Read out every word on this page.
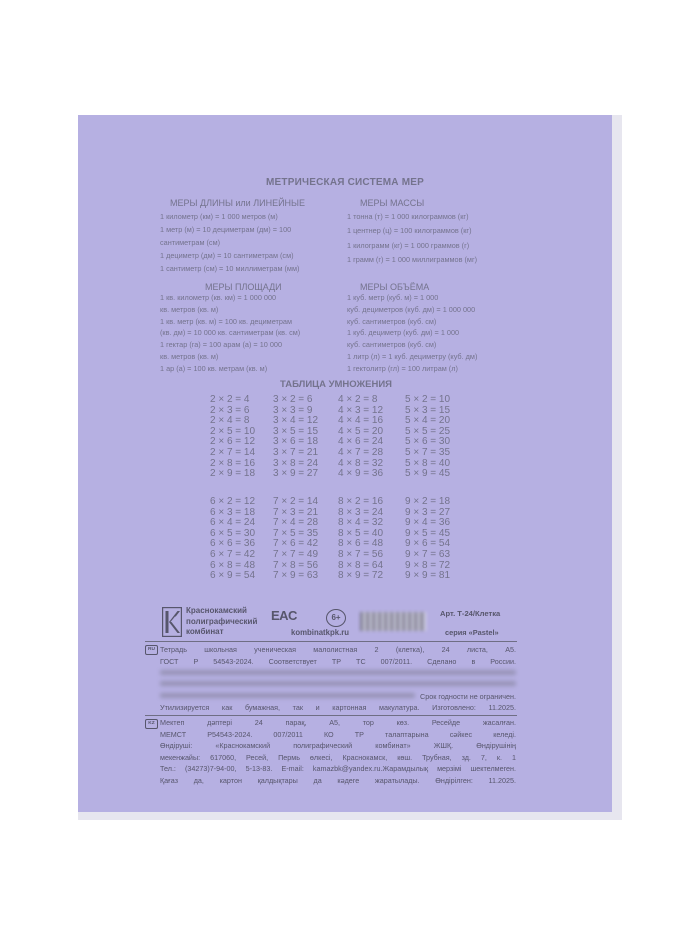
МЕТРИЧЕСКАЯ СИСТЕМА МЕР
МЕРЫ ДЛИНЫ или ЛИНЕЙНЫЕ
1 километр (км) = 1 000 метров (м)
1 метр (м) = 10 дециметрам (дм) = 100
сантиметрам (см)
1 дециметр (дм) = 10 сантиметрам (см)
1 сантиметр (см) = 10 миллиметрам (мм)
МЕРЫ МАССЫ
1 тонна (т) = 1 000 килограммов (кг)
1 центнер (ц) = 100 килограммов (кг)
1 килограмм (кг) = 1 000 граммов (г)
1 грамм (г) = 1 000 миллиграммов (мг)
МЕРЫ ПЛОЩАДИ
1 кв. километр (кв. км) = 1 000 000
кв. метров (кв. м)
1 кв. метр (кв. м) = 100 кв. дециметрам
(кв. дм) = 10 000 кв. сантиметрам (кв. см)
1 гектар (га) = 100 арам (а) = 10 000
кв. метров (кв. м)
1 ар (а) = 100 кв. метрам (кв. м)
МЕРЫ ОБЪЁМА
1 куб. метр (куб. м) = 1 000
куб. дециметров (куб. дм) = 1 000 000
куб. сантиметров (куб. см)
1 куб. дециметр (куб. дм) = 1 000
куб. сантиметров (куб. см)
1 литр (л) = 1 куб. дециметру (куб. дм)
1 гектолитр (гл) = 100 литрам (л)
ТАБЛИЦА УМНОЖЕНИЯ
2 × 2 = 4
2 × 3 = 6
2 × 4 = 8
2 × 5 = 10
2 × 6 = 12
2 × 7 = 14
2 × 8 = 16
2 × 9 = 18
3 × 2 = 6
3 × 3 = 9
3 × 4 = 12
3 × 5 = 15
3 × 6 = 18
3 × 7 = 21
3 × 8 = 24
3 × 9 = 27
4 × 2 = 8
4 × 3 = 12
4 × 4 = 16
4 × 5 = 20
4 × 6 = 24
4 × 7 = 28
4 × 8 = 32
4 × 9 = 36
5 × 2 = 10
5 × 3 = 15
5 × 4 = 20
5 × 5 = 25
5 × 6 = 30
5 × 7 = 35
5 × 8 = 40
5 × 9 = 45
6 × 2 = 12
6 × 3 = 18
6 × 4 = 24
6 × 5 = 30
6 × 6 = 36
6 × 7 = 42
6 × 8 = 48
6 × 9 = 54
7 × 2 = 14
7 × 3 = 21
7 × 4 = 28
7 × 5 = 35
7 × 6 = 42
7 × 7 = 49
7 × 8 = 56
7 × 9 = 63
8 × 2 = 16
8 × 3 = 24
8 × 4 = 32
8 × 5 = 40
8 × 6 = 48
8 × 7 = 56
8 × 8 = 64
8 × 9 = 72
9 × 2 = 18
9 × 3 = 27
9 × 4 = 36
9 × 5 = 45
9 × 6 = 54
9 × 7 = 63
9 × 8 = 72
9 × 9 = 81
Краснокамский
полиграфический
комбинат
EAC	6+
kombinatkpk.ru
Арт. Т-24/Клетка
серия «Pastel»
RU Тетрадь школьная ученическая малолистная 2 (клетка), 24 листа, А5.
ГОСТ Р 54543-2024. Соответствует ТР ТС 007/2011. Сделано в России.
Срок годности не ограничен.
Утилизируется как бумажная, так и картонная макулатура. Изготовлено: 11.2025.
KZ Мектеп дәптері 24 парақ, А5, тор көз. Ресейде жасалған.
МЕМСТ Р54543-2024. 007/2011 КО ТР талаптарына сәйкес келеді.
Өндіруші: «Краснокамский полиграфический комбинат» ЖШҚ. Өндірушінің
мекенжайы: 617060, Ресей, Пермь өлкесі, Краснокамск, көш. Трубная, зд. 7, к. 1
Тел.: (34273)7-94-00, 5-13-83. E-mail: kamazbk@yandex.ru.Жарамдылық мерзімі шектелмеген.
Қағаз да, картон қалдықтары да кәдеге жаратылады. Өндірілген: 11.2025.
